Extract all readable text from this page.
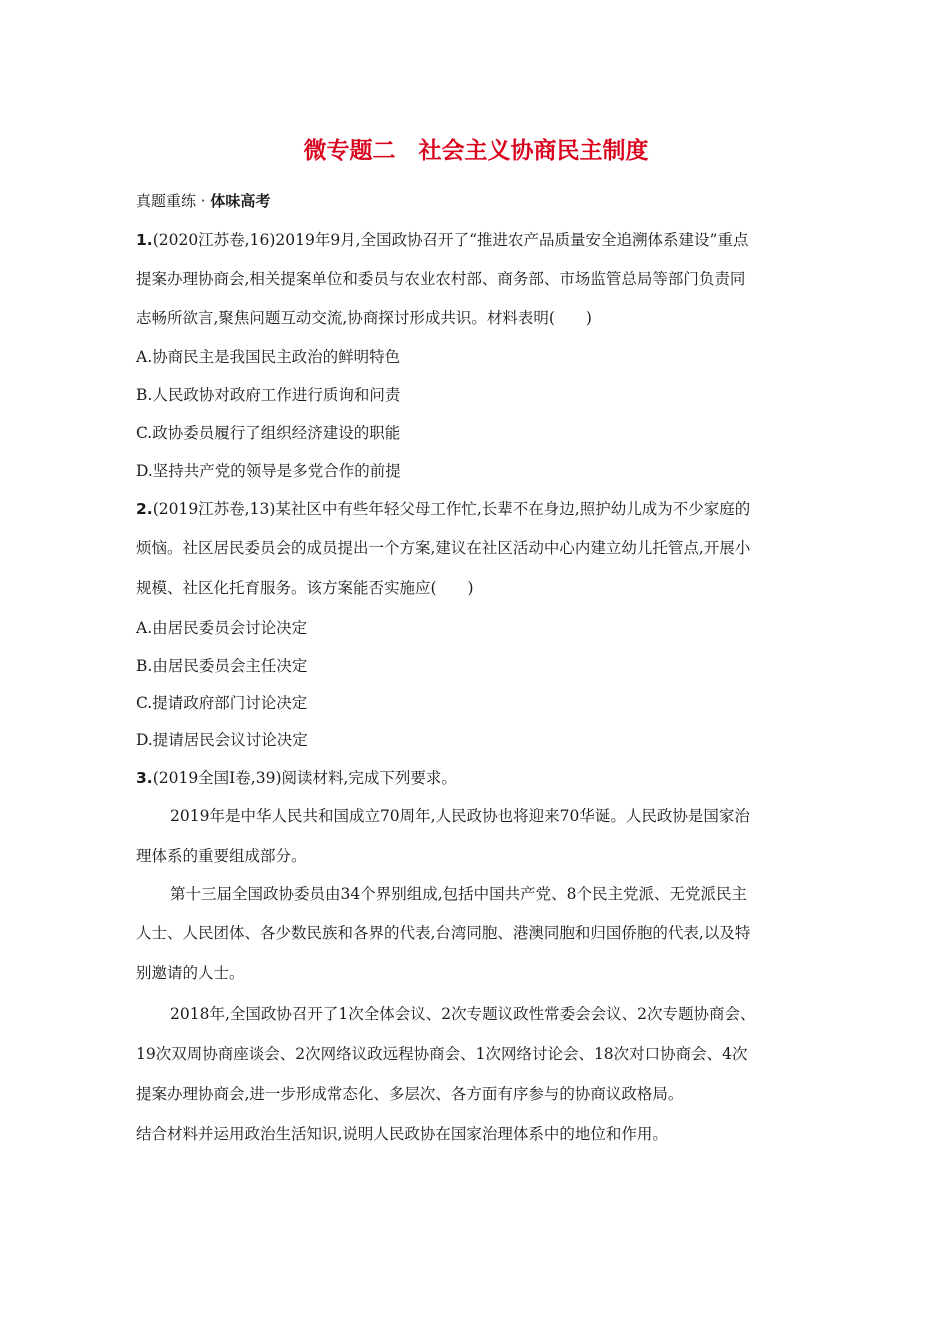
微专题二　社会主义协商民主制度
真题重练 · 体味高考
1.(2020江苏卷,16)2019年9月,全国政协召开了“推进农产品质量安全追溯体系建设”重点
提案办理协商会,相关提案单位和委员与农业农村部、商务部、市场监管总局等部门负责同
志畅所欲言,聚焦问题互动交流,协商探讨形成共识。材料表明(　　)
A.协商民主是我国民主政治的鲜明特色
B.人民政协对政府工作进行质询和问责
C.政协委员履行了组织经济建设的职能
D.坚持共产党的领导是多党合作的前提
2.(2019江苏卷,13)某社区中有些年轻父母工作忙,长辈不在身边,照护幼儿成为不少家庭的
烦恼。社区居民委员会的成员提出一个方案,建议在社区活动中心内建立幼儿托管点,开展小
规模、社区化托育服务。该方案能否实施应(　　)
A.由居民委员会讨论决定
B.由居民委员会主任决定
C.提请政府部门讨论决定
D.提请居民会议讨论决定
3.(2019全国Ⅰ卷,39)阅读材料,完成下列要求。
2019年是中华人民共和国成立70周年,人民政协也将迎来70华诞。人民政协是国家治
理体系的重要组成部分。
第十三届全国政协委员由34个界别组成,包括中国共产党、8个民主党派、无党派民主
人士、人民团体、各少数民族和各界的代表,台湾同胞、港澳同胞和归国侨胞的代表,以及特
别邀请的人士。
2018年,全国政协召开了1次全体会议、2次专题议政性常委会会议、2次专题协商会、
19次双周协商座谈会、2次网络议政远程协商会、1次网络讨论会、18次对口协商会、4次
提案办理协商会,进一步形成常态化、多层次、各方面有序参与的协商议政格局。
结合材料并运用政治生活知识,说明人民政协在国家治理体系中的地位和作用。
